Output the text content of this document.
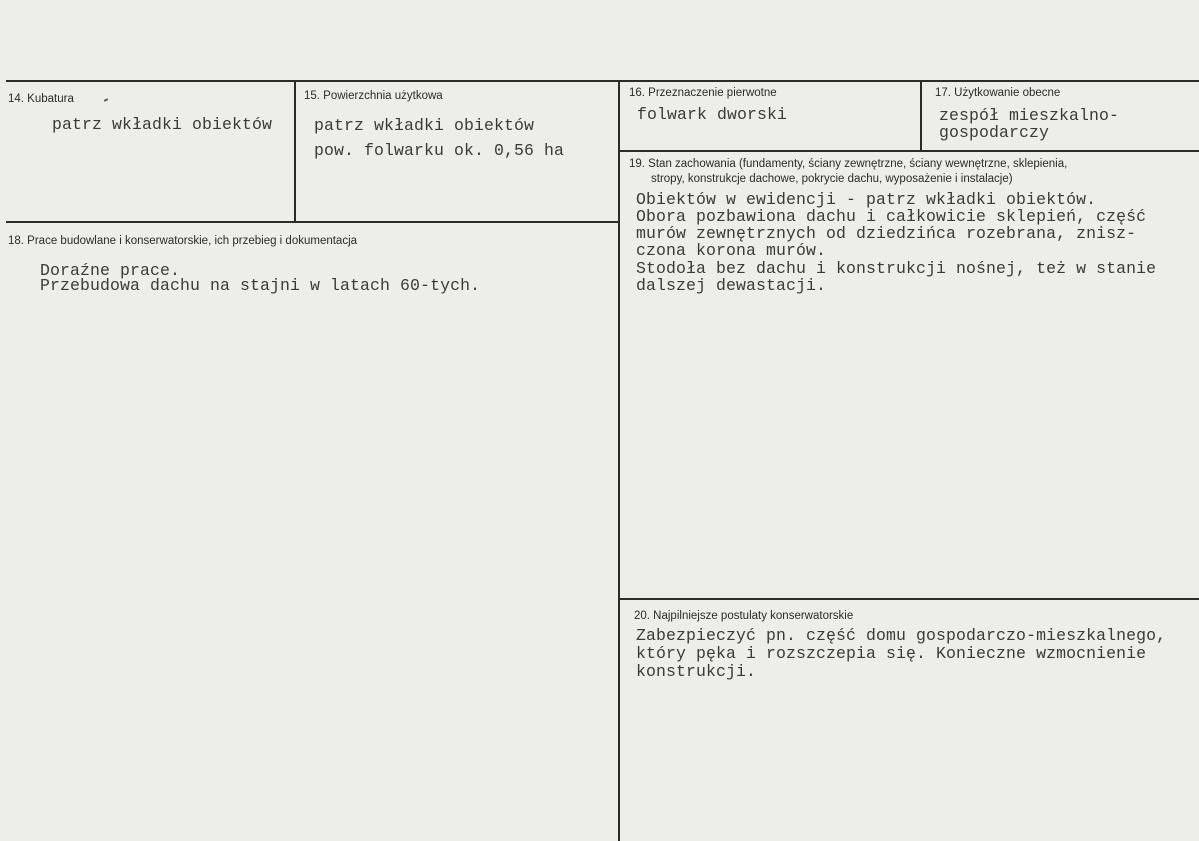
14. Kubatura
patrz wkładki obiektów
15. Powierzchnia użytkowa
patrz wkładki obiektów
pow. folwarku ok. 0,56 ha
16. Przeznaczenie pierwotne
folwark dworski
17. Użytkowanie obecne
zespół mieszkalno-
gospodarczy
18. Prace budowlane i konserwatorskie, ich przebieg i dokumentacja
Doraźne prace.
Przebudowa dachu na stajni w latach 60-tych.
19. Stan zachowania (fundamenty, ściany zewnętrzne, ściany wewnętrzne, sklepienia,
stropy, konstrukcje dachowe, pokrycie dachu, wyposażenie i instalacje)
Obiektów w ewidencji - patrz wkładki obiektów.
Obora pozbawiona dachu i całkowicie sklepień, część
murów zewnętrznych od dziedzińca rozebrana, znisz-
czona korona murów.
Stodoła bez dachu i konstrukcji nośnej, też w stanie
dalszej dewastacji.
20. Najpilniejsze postulaty konserwatorskie
Zabezpieczyć pn. część domu gospodarczo-mieszkalnego,
który pęka i rozszczepia się. Konieczne wzmocnienie
konstrukcji.
